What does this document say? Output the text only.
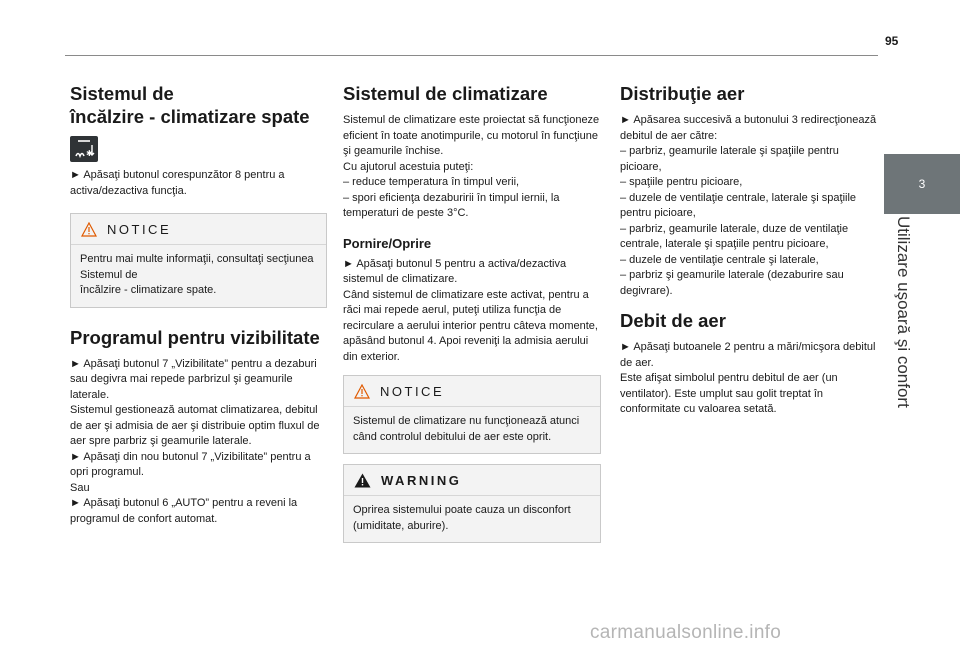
95
3
Utilizare uşoară şi confort
Sistemul de
încălzire - climatizare spate
✱

► Apăsaţi butonul corespunzător 8 pentru a activa/dezactiva funcţia.

NOTICE

Pentru mai multe informaţii, consultaţi secţiunea Sistemul de
încălzire - climatizare spate.

Programul pentru vizibilitate

► Apăsaţi butonul 7 „Vizibilitate” pentru a dezaburi sau degivra mai repede parbrizul şi geamurile laterale.
Sistemul gestionează automat climatizarea, debitul de aer şi admisia de aer şi distribuie optim fluxul de aer spre parbriz şi geamurile laterale.
► Apăsaţi din nou butonul 7 „Vizibilitate” pentru a opri programul.
Sau
► Apăsaţi butonul 6 „AUTO” pentru a reveni la programul de confort automat.

Sistemul de climatizare

Sistemul de climatizare este proiectat să funcţioneze eficient în toate anotimpurile, cu motorul în funcţiune şi geamurile închise.
Cu ajutorul acestuia puteţi:
– reduce temperatura în timpul verii,
– spori eficienţa dezaburirii în timpul iernii, la temperaturi de peste 3°C.

Pornire/Oprire

► Apăsaţi butonul 5 pentru a activa/dezactiva sistemul de climatizare.
Când sistemul de climatizare este activat, pentru a răci mai repede aerul, puteţi utiliza funcţia de recirculare a aerului interior pentru câteva momente, apăsând butonul 4. Apoi reveniţi la admisia aerului din exterior.

NOTICE

Sistemul de climatizare nu funcţionează atunci când controlul debitului de aer este oprit.

WARNING

Oprirea sistemului poate cauza un disconfort (umiditate, aburire).

Distribuţie aer

► Apăsarea succesivă a butonului 3 redirecţionează debitul de aer către:
– parbriz, geamurile laterale şi spaţiile pentru picioare,
– spaţiile pentru picioare,
– duzele de ventilaţie centrale, laterale şi spaţiile pentru picioare,
– parbriz, geamurile laterale, duze de ventilaţie centrale, laterale şi spaţiile pentru picioare,
– duzele de ventilaţie centrale şi laterale,
– parbriz şi geamurile laterale (dezaburire sau degivrare).

Debit de aer

► Apăsaţi butoanele 2 pentru a mări/micşora debitul de aer.
Este afişat simbolul pentru debitul de aer (un ventilator). Este umplut sau golit treptat în conformitate cu valoarea setată.

carmanualsonline.info
